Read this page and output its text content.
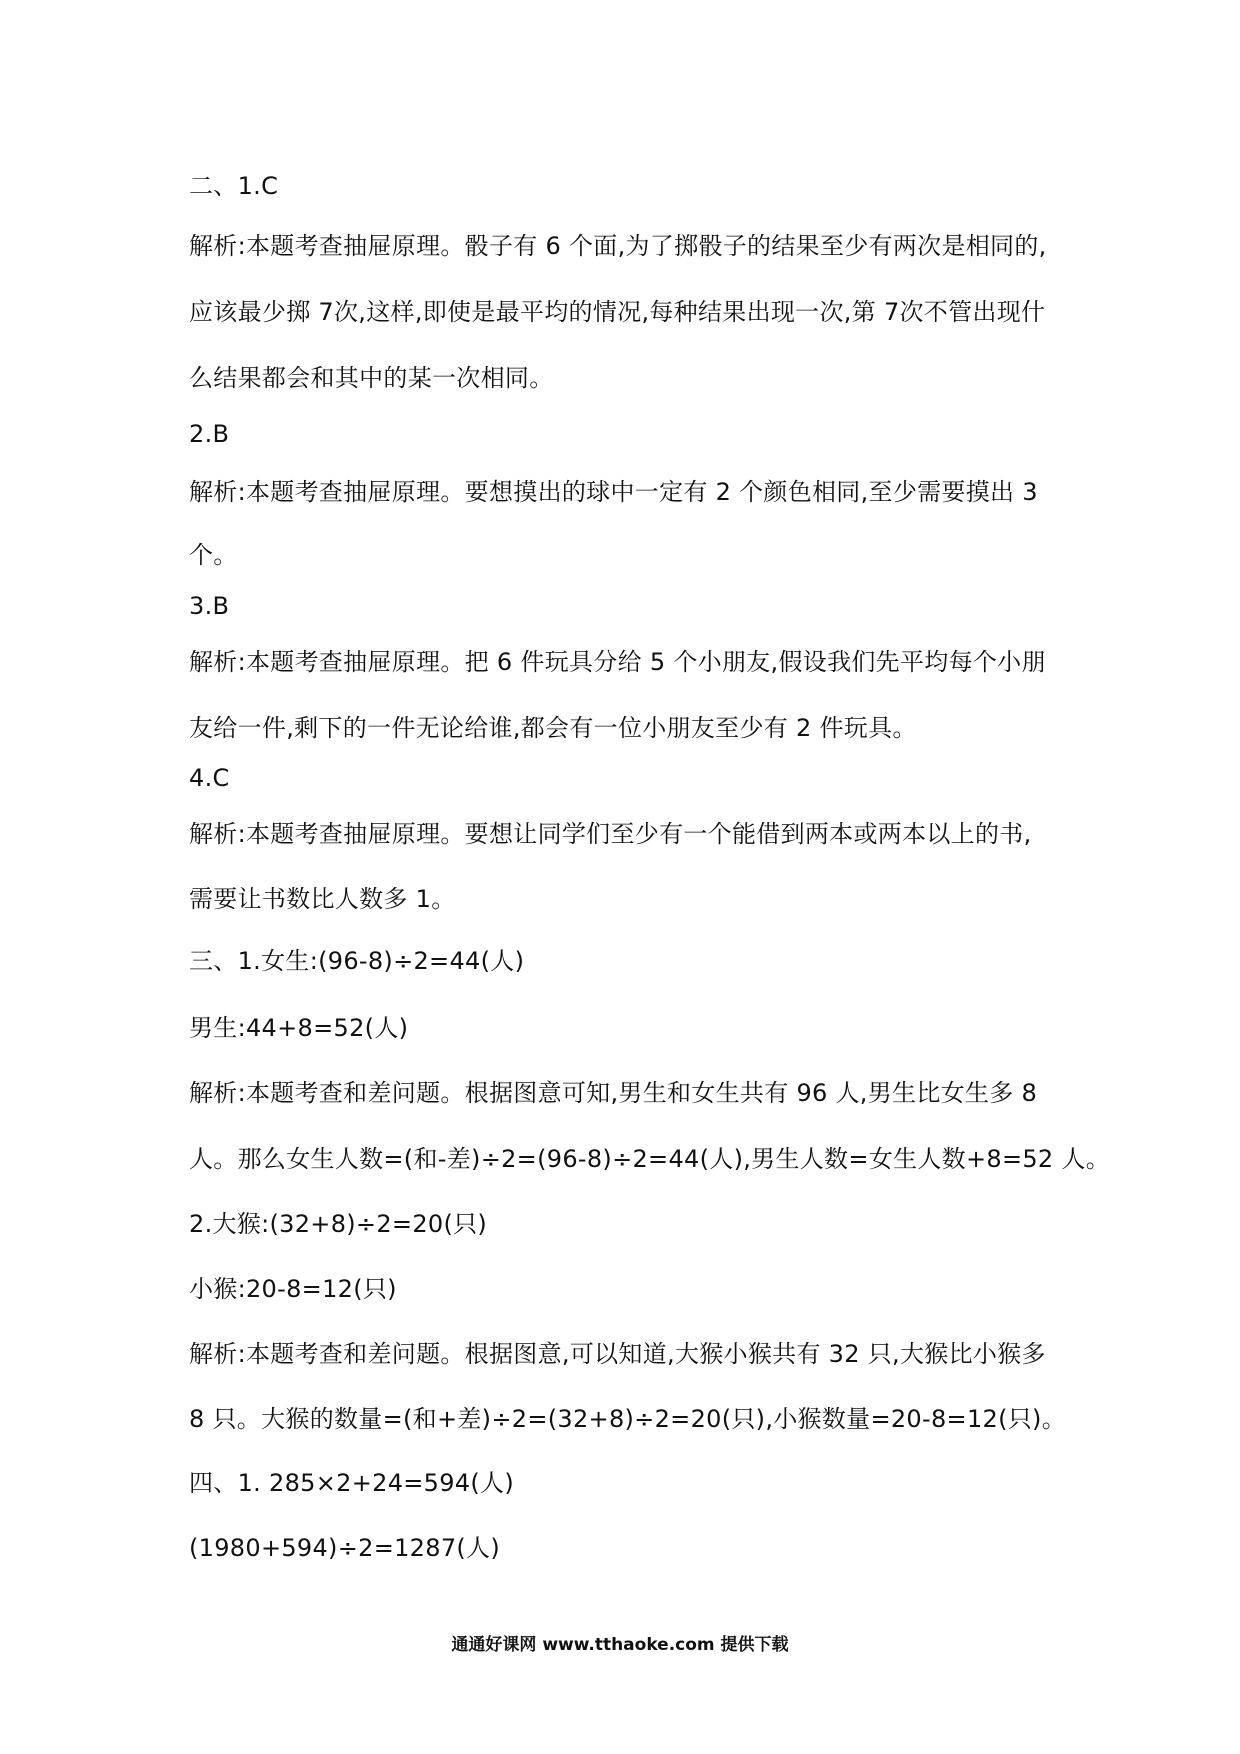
二、1.C
解析:本题考查抽屉原理。骰子有 6 个面,为了掷骰子的结果至少有两次是相同的,
应该最少掷 7次,这样,即使是最平均的情况,每种结果出现一次,第 7次不管出现什
么结果都会和其中的某一次相同。
2.B
解析:本题考查抽屉原理。要想摸出的球中一定有 2 个颜色相同,至少需要摸出 3
个。
3.B
解析:本题考查抽屉原理。把 6 件玩具分给 5 个小朋友,假设我们先平均每个小朋
友给一件,剩下的一件无论给谁,都会有一位小朋友至少有 2 件玩具。
4.C
解析:本题考查抽屉原理。要想让同学们至少有一个能借到两本或两本以上的书,
需要让书数比人数多 1。
三、1.女生:(96-8)÷2=44(人)
男生:44+8=52(人)
解析:本题考查和差问题。根据图意可知,男生和女生共有 96 人,男生比女生多 8
人。那么女生人数=(和-差)÷2=(96-8)÷2=44(人),男生人数=女生人数+8=52 人。
2.大猴:(32+8)÷2=20(只)
小猴:20-8=12(只)
解析:本题考查和差问题。根据图意,可以知道,大猴小猴共有 32 只,大猴比小猴多
8 只。大猴的数量=(和+差)÷2=(32+8)÷2=20(只),小猴数量=20-8=12(只)。
四、1. 285×2+24=594(人)
(1980+594)÷2=1287(人)
通通好课网 www.tthaoke.com 提供下载
